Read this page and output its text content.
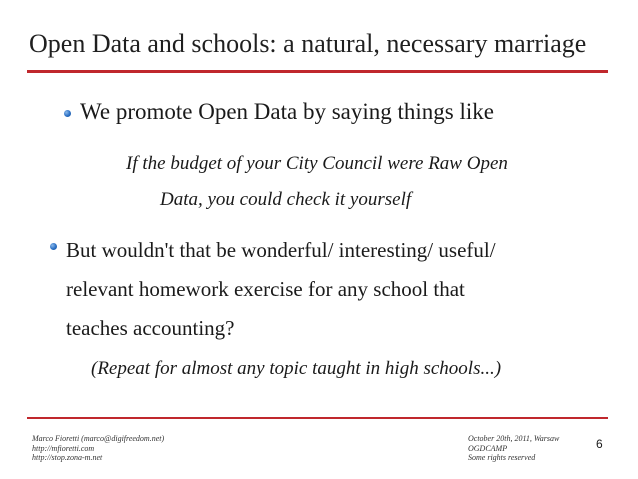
Open Data and schools: a natural, necessary marriage
We promote Open Data by saying things like
If the budget of your City Council were Raw Open
Data, you could check it yourself
But wouldn't that be wonderful/ interesting/ useful/
relevant homework exercise for any school that
teaches accounting?
(Repeat for almost any topic taught in high schools...)
Marco Fioretti (marco@digifreedom.net)
http://mfioretti.com
http://stop.zona-m.net
October 20th, 2011, Warsaw
OGDCAMP
Some rights reserved
6
